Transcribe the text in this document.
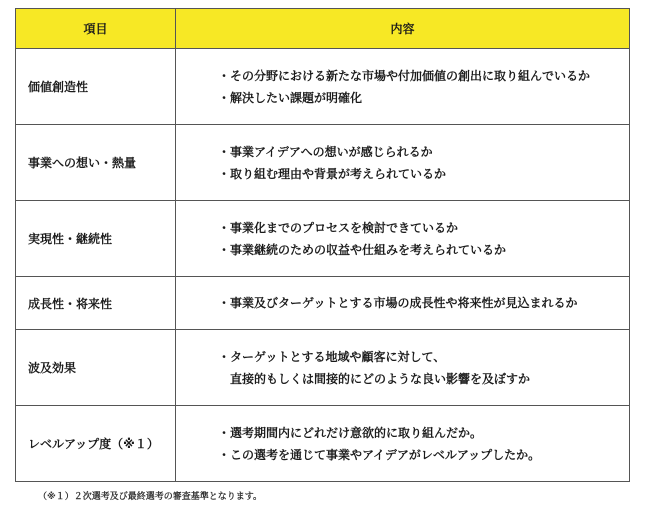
項目	内容
価値創造性	・その分野における新たな市場や付加価値の創出に取り組んでいるか
・解決したい課題が明確化

事業への想い・熱量	・事業アイデアへの想いが感じられるか
・取り組む理由や背景が考えられているか

実現性・継続性	・事業化までのプロセスを検討できているか
・事業継続のための収益や仕組みを考えられているか

成長性・将来性	・事業及びターゲットとする市場の成長性や将来性が見込まれるか

波及効果	・ターゲットとする地域や顧客に対して、
　直接的もしくは間接的にどのような良い影響を及ぼすか

レベルアップ度（※１）	・選考期間内にどれだけ意欲的に取り組んだか。
・この選考を通じて事業やアイデアがレベルアップしたか。
（※１）２次選考及び最終選考の審査基準となります。
